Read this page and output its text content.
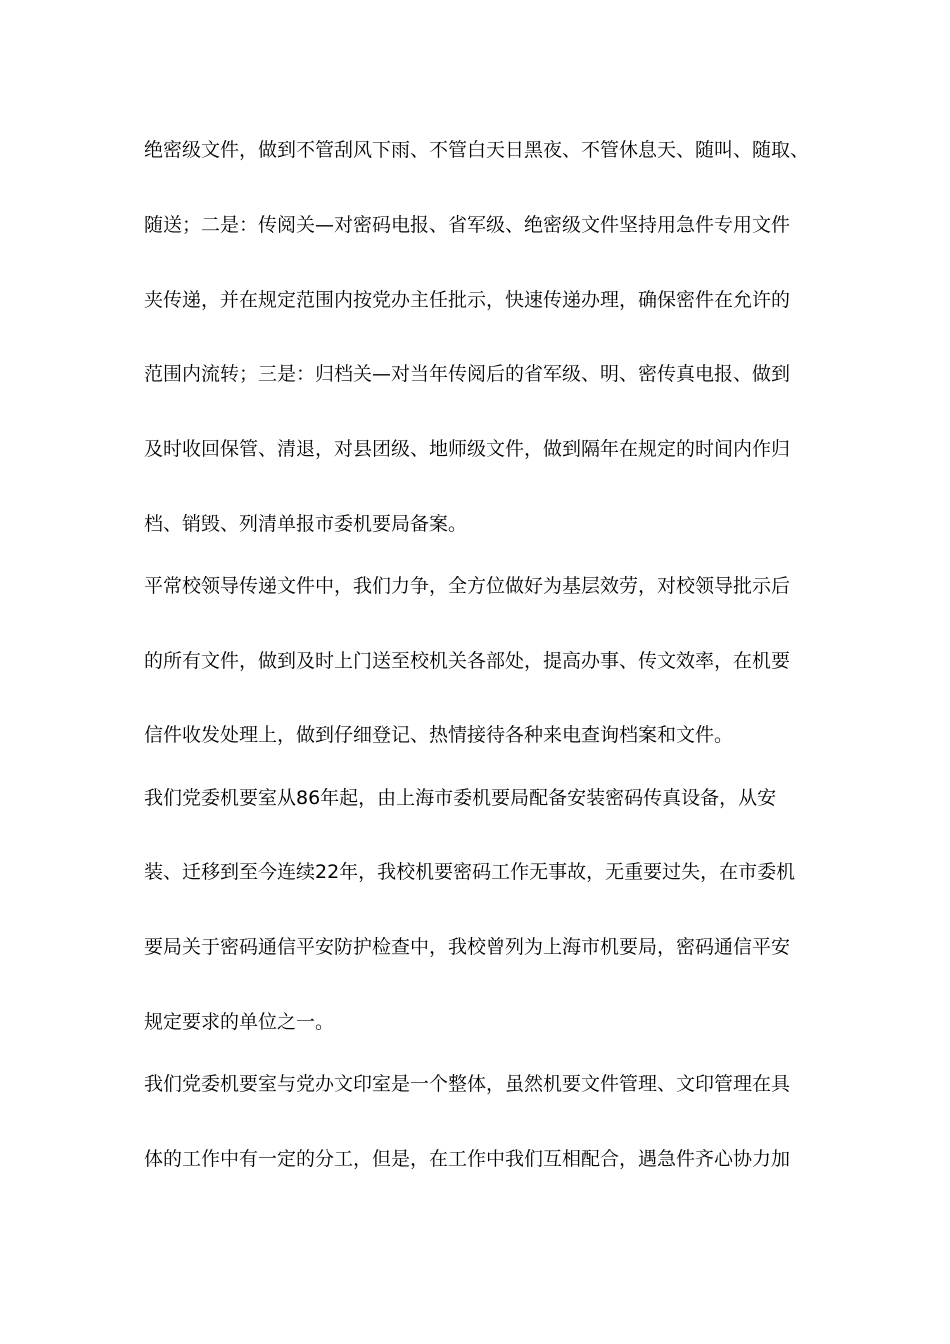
绝密级文件，做到不管刮风下雨、不管白天日黑夜、不管休息天、随叫、随取、
随送；二是：传阅关—对密码电报、省军级、绝密级文件坚持用急件专用文件
夹传递，并在规定范围内按党办主任批示，快速传递办理，确保密件在允许的
范围内流转；三是：归档关—对当年传阅后的省军级、明、密传真电报、做到
及时收回保管、清退，对县团级、地师级文件，做到隔年在规定的时间内作归
档、销毁、列清单报市委机要局备案。
平常校领导传递文件中，我们力争，全方位做好为基层效劳，对校领导批示后
的所有文件，做到及时上门送至校机关各部处，提高办事、传文效率，在机要
信件收发处理上，做到仔细登记、热情接待各种来电查询档案和文件。
我们党委机要室从86年起，由上海市委机要局配备安装密码传真设备，从安
装、迁移到至今连续22年，我校机要密码工作无事故，无重要过失，在市委机
要局关于密码通信平安防护检查中，我校曾列为上海市机要局，密码通信平安
规定要求的单位之一。
我们党委机要室与党办文印室是一个整体，虽然机要文件管理、文印管理在具
体的工作中有一定的分工，但是，在工作中我们互相配合，遇急件齐心协力加
